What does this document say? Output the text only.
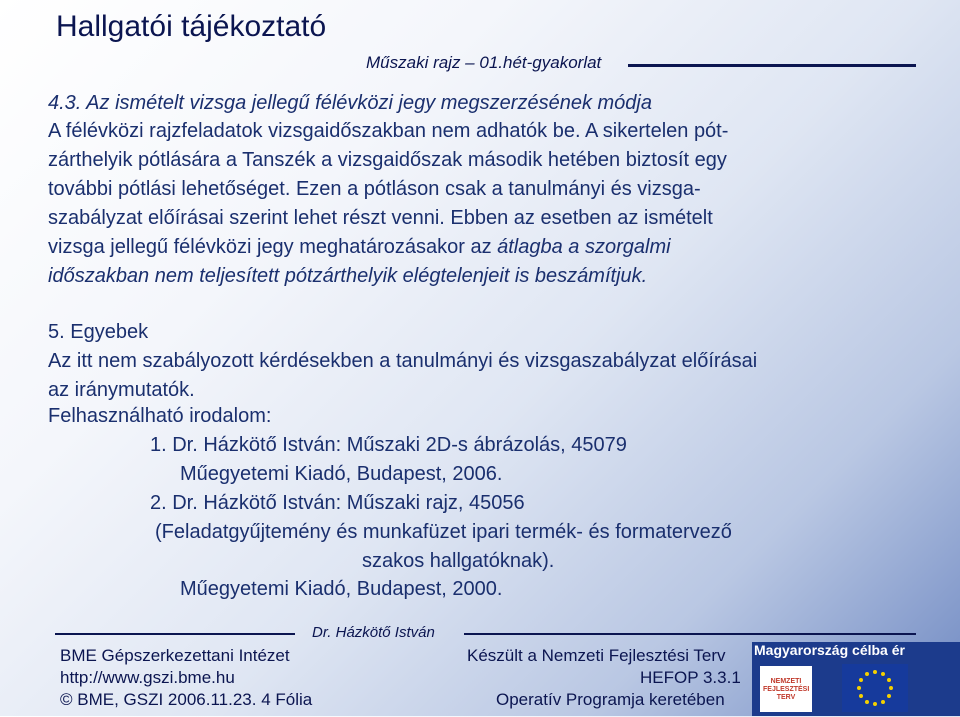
Hallgatói tájékoztató
Műszaki rajz – 01.hét-gyakorlat
4.3. Az ismételt vizsga jellegű félévközi jegy megszerzésének módja
A félévközi rajzfeladatok vizsgaidőszakban nem adhatók be. A sikertelen pót-
zárthelyik pótlására a Tanszék a vizsgaidőszak második hetében biztosít egy
további pótlási lehetőséget. Ezen a pótláson csak a tanulmányi és vizsga-
szabályzat előírásai szerint lehet részt venni. Ebben az esetben az ismételt
vizsga jellegű félévközi jegy meghatározásakor az átlagba a szorgalmi
időszakban nem teljesített pótzárthelyik elégtelenjeit is beszámítjuk.
5. Egyebek
Az itt nem szabályozott kérdésekben a tanulmányi és vizsgaszabályzat előírásai
az iránymutatók.
Felhasználható irodalom:
1. Dr. Házkötő István: Műszaki 2D-s ábrázolás, 45079
Műegyetemi Kiadó, Budapest, 2006.
2. Dr. Házkötő István: Műszaki rajz, 45056
(Feladatgyűjtemény és munkafüzet ipari termék- és formatervező
szakos hallgatóknak).
Műegyetemi Kiadó, Budapest, 2000.
Dr. Házkötő István
BME Gépszerkezettani Intézet
http://www.gszi.bme.hu
© BME, GSZI 2006.11.23. 4 Fólia
Készült a Nemzeti Fejlesztési Terv
HEFOP 3.3.1
Operatív Programja keretében
Magyarország célba ér
NEMZETI FEJLESZTÉSI TERV
